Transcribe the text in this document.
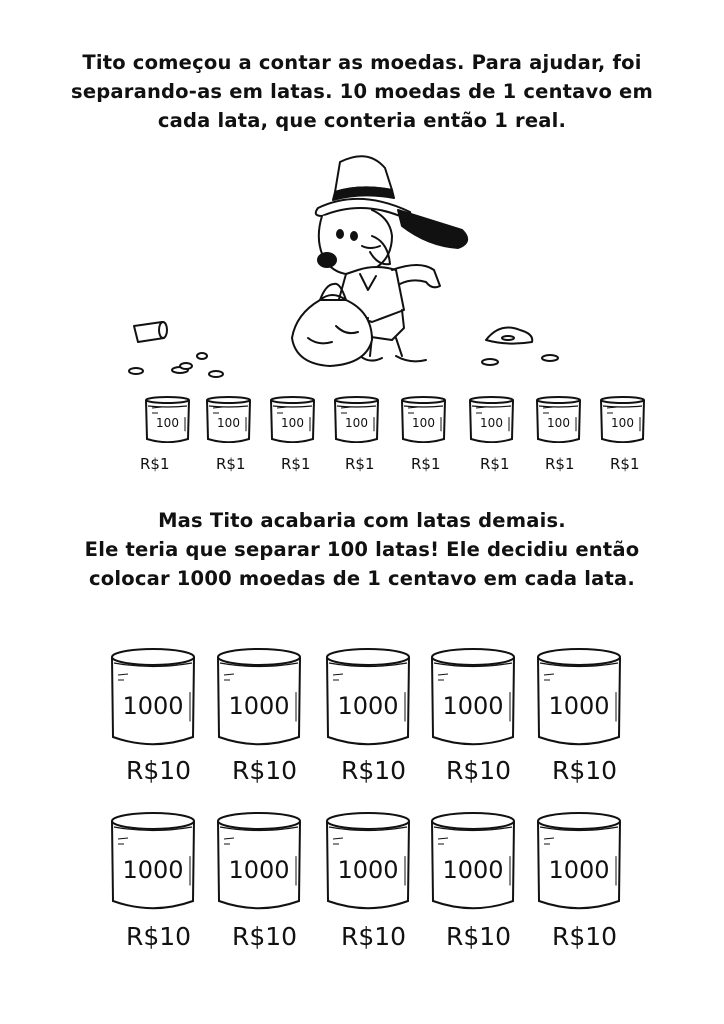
Tito começou a contar as moedas. Para ajudar, foi
separando-as em latas. 10 moedas de 1 centavo em
cada lata, que conteria então 1 real.
100
R$1
100
R$1
100
R$1
100
R$1
100
R$1
100
R$1
100
R$1
100
R$1
Mas Tito acabaria com latas demais.
Ele teria que separar 100 latas! Ele decidiu então
colocar 1000 moedas de 1 centavo em cada lata.
1000
R$10
1000
R$10
1000
R$10
1000
R$10
1000
R$10
1000
R$10
1000
R$10
1000
R$10
1000
R$10
1000
R$10
